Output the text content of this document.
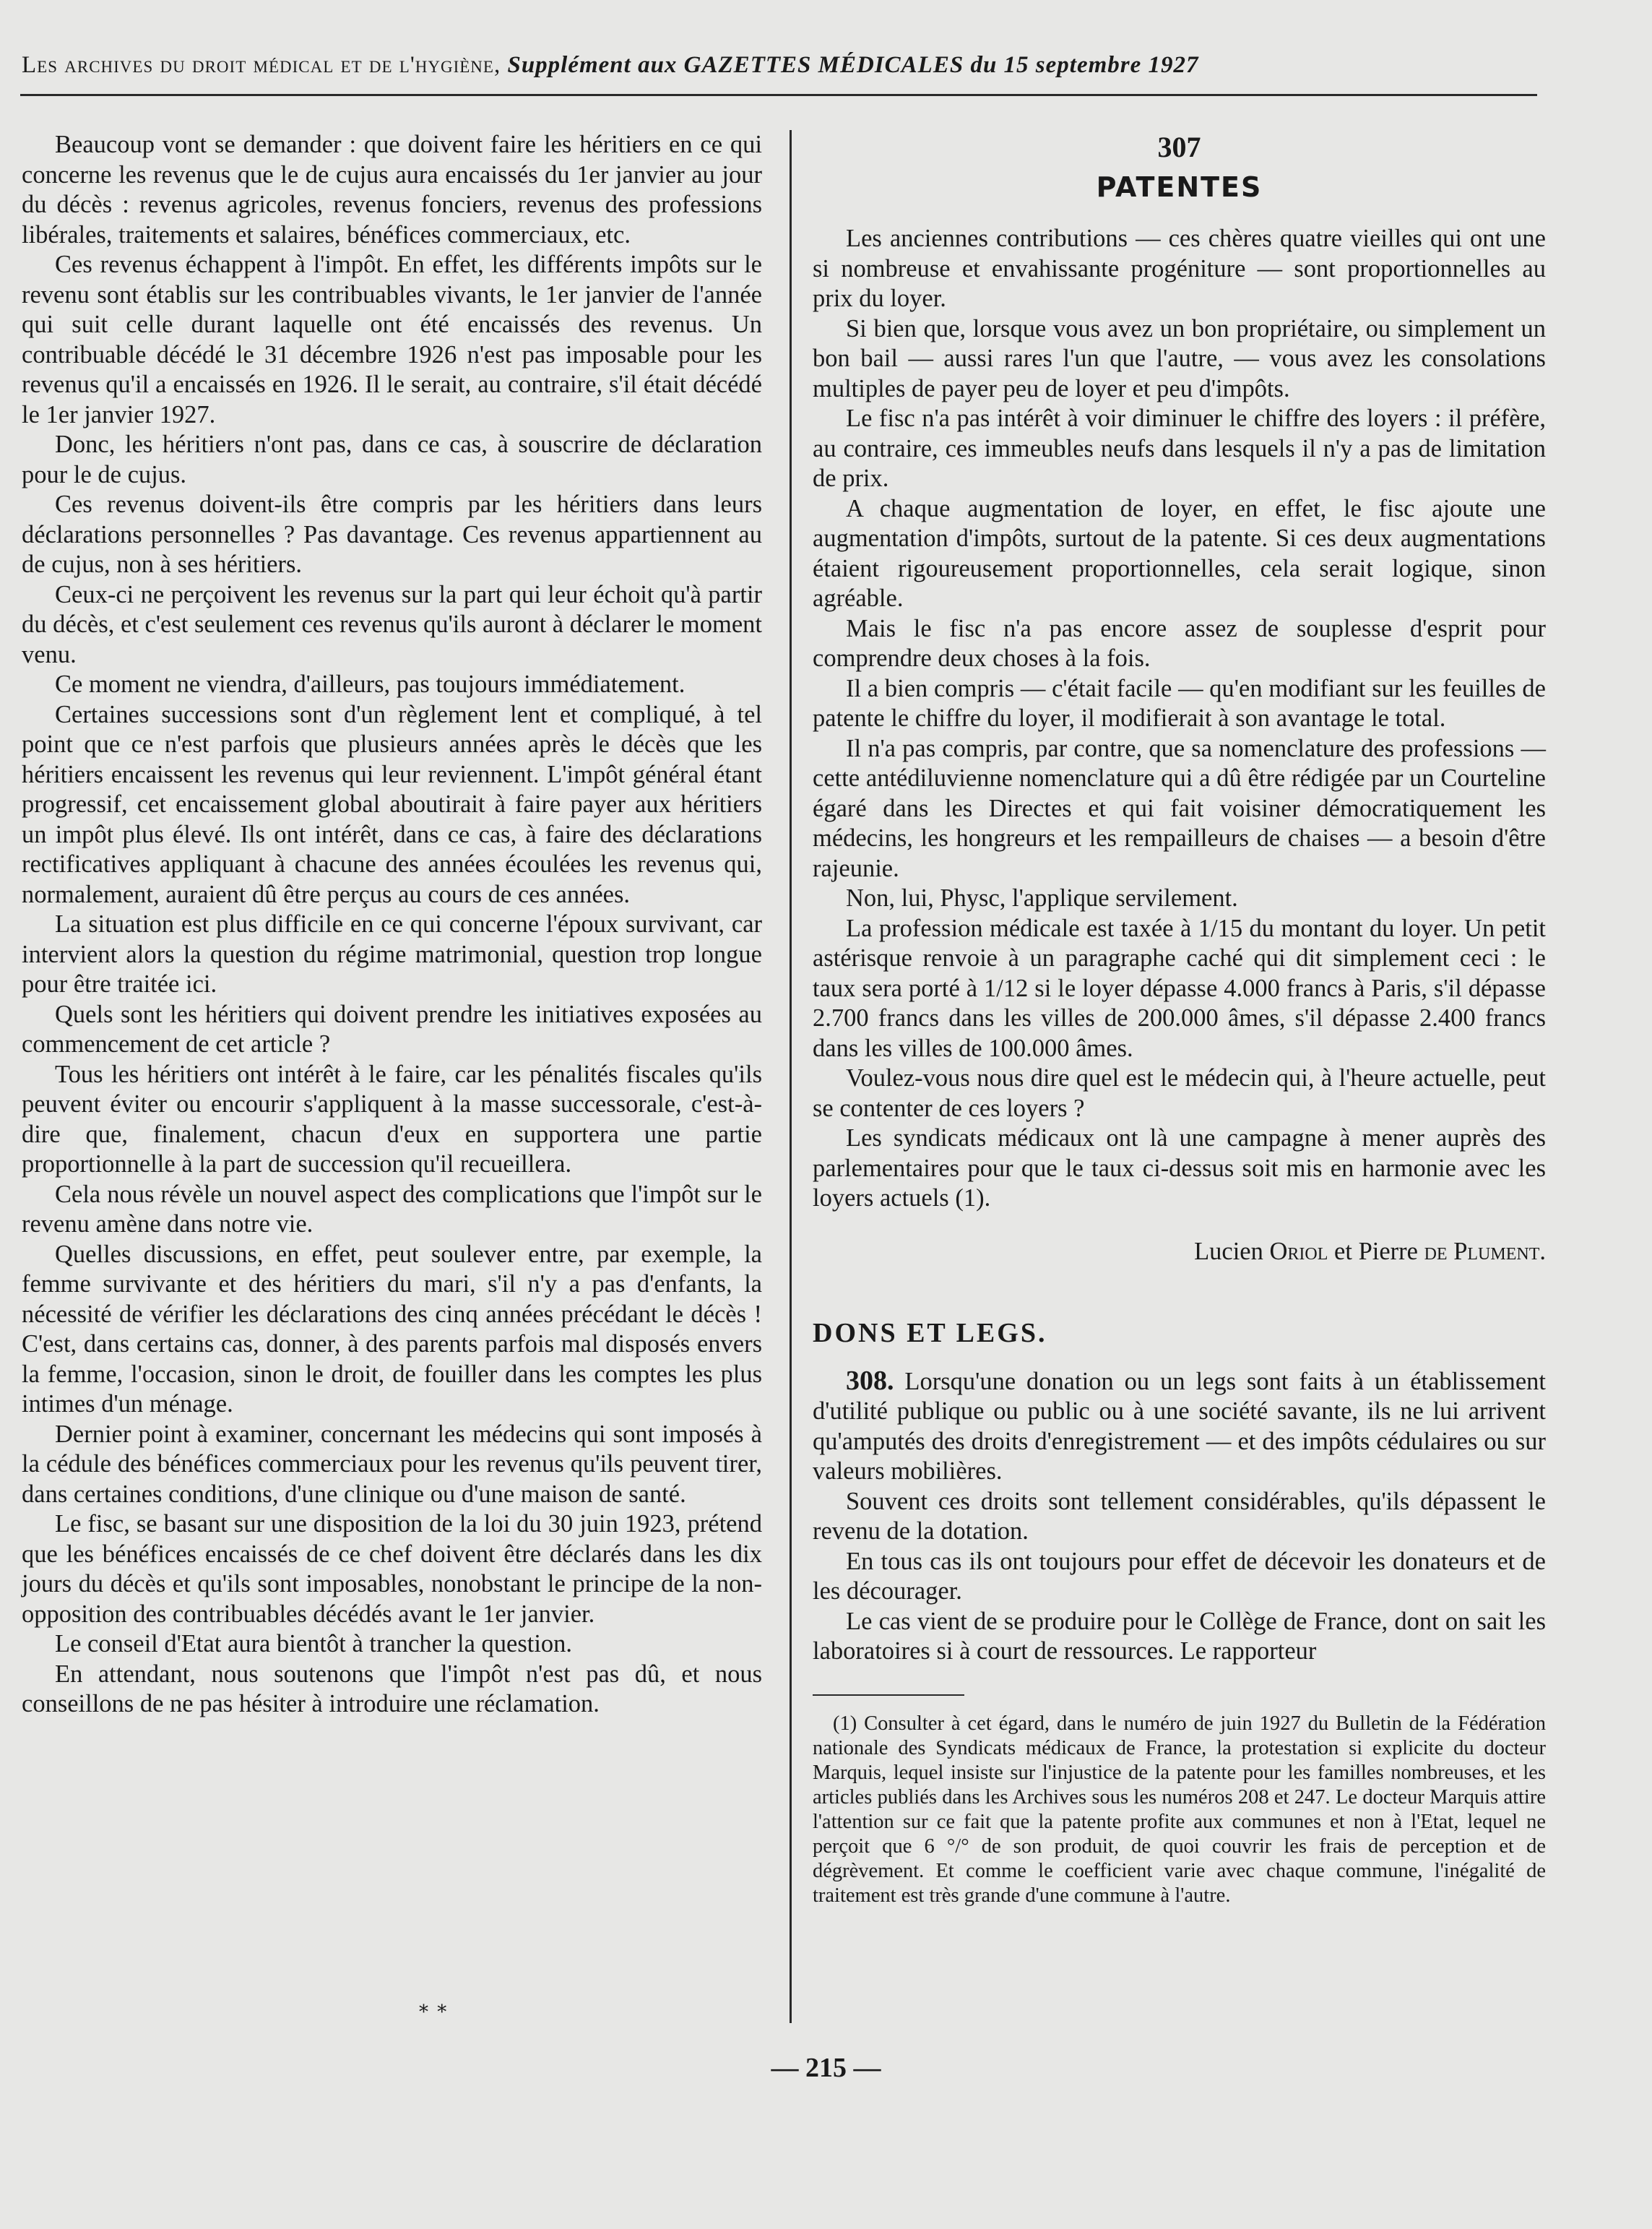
Les archives du droit médical et de l'hygiène, Supplément aux GAZETTES MÉDICALES du 15 septembre 1927

Beaucoup vont se demander : que doivent faire les héritiers en ce qui concerne les revenus que le de cujus aura encaissés du 1er janvier au jour du décès : revenus agricoles, revenus fonciers, revenus des professions libérales, traitements et salaires, bénéfices commerciaux, etc.

Ces revenus échappent à l'impôt. En effet, les différents impôts sur le revenu sont établis sur les contribuables vivants, le 1er janvier de l'année qui suit celle durant laquelle ont été encaissés des revenus. Un contribuable décédé le 31 décembre 1926 n'est pas imposable pour les revenus qu'il a encaissés en 1926. Il le serait, au contraire, s'il était décédé le 1er janvier 1927.

Donc, les héritiers n'ont pas, dans ce cas, à souscrire de déclaration pour le de cujus.

Ces revenus doivent-ils être compris par les héritiers dans leurs déclarations personnelles ? Pas davantage. Ces revenus appartiennent au de cujus, non à ses héritiers.

Ceux-ci ne perçoivent les revenus sur la part qui leur échoit qu'à partir du décès, et c'est seulement ces revenus qu'ils auront à déclarer le moment venu.

Ce moment ne viendra, d'ailleurs, pas toujours immédiatement.

Certaines successions sont d'un règlement lent et compliqué, à tel point que ce n'est parfois que plusieurs années après le décès que les héritiers encaissent les revenus qui leur reviennent. L'impôt général étant progressif, cet encaissement global aboutirait à faire payer aux héritiers un impôt plus élevé. Ils ont intérêt, dans ce cas, à faire des déclarations rectificatives appliquant à chacune des années écoulées les revenus qui, normalement, auraient dû être perçus au cours de ces années.

La situation est plus difficile en ce qui concerne l'époux survivant, car intervient alors la question du régime matrimonial, question trop longue pour être traitée ici.

Quels sont les héritiers qui doivent prendre les initiatives exposées au commencement de cet article ?

Tous les héritiers ont intérêt à le faire, car les pénalités fiscales qu'ils peuvent éviter ou encourir s'appliquent à la masse successorale, c'est-à-dire que, finalement, chacun d'eux en supportera une partie proportionnelle à la part de succession qu'il recueillera.

Cela nous révèle un nouvel aspect des complications que l'impôt sur le revenu amène dans notre vie.

Quelles discussions, en effet, peut soulever entre, par exemple, la femme survivante et des héritiers du mari, s'il n'y a pas d'enfants, la nécessité de vérifier les déclarations des cinq années précédant le décès ! C'est, dans certains cas, donner, à des parents parfois mal disposés envers la femme, l'occasion, sinon le droit, de fouiller dans les comptes les plus intimes d'un ménage.

Dernier point à examiner, concernant les médecins qui sont imposés à la cédule des bénéfices commerciaux pour les revenus qu'ils peuvent tirer, dans certaines conditions, d'une clinique ou d'une maison de santé.

Le fisc, se basant sur une disposition de la loi du 30 juin 1923, prétend que les bénéfices encaissés de ce chef doivent être déclarés dans les dix jours du décès et qu'ils sont imposables, nonobstant le principe de la non-opposition des contribuables décédés avant le 1er janvier.

Le conseil d'Etat aura bientôt à trancher la question.

En attendant, nous soutenons que l'impôt n'est pas dû, et nous conseillons de ne pas hésiter à introduire une réclamation.

* *

307

PATENTES

Les anciennes contributions — ces chères quatre vieilles qui ont une si nombreuse et envahissante progéniture — sont proportionnelles au prix du loyer.

Si bien que, lorsque vous avez un bon propriétaire, ou simplement un bon bail — aussi rares l'un que l'autre, — vous avez les consolations multiples de payer peu de loyer et peu d'impôts.

Le fisc n'a pas intérêt à voir diminuer le chiffre des loyers : il préfère, au contraire, ces immeubles neufs dans lesquels il n'y a pas de limitation de prix.

A chaque augmentation de loyer, en effet, le fisc ajoute une augmentation d'impôts, surtout de la patente. Si ces deux augmentations étaient rigoureusement proportionnelles, cela serait logique, sinon agréable.

Mais le fisc n'a pas encore assez de souplesse d'esprit pour comprendre deux choses à la fois.

Il a bien compris — c'était facile — qu'en modifiant sur les feuilles de patente le chiffre du loyer, il modifierait à son avantage le total.

Il n'a pas compris, par contre, que sa nomenclature des professions — cette antédiluvienne nomenclature qui a dû être rédigée par un Courteline égaré dans les Directes et qui fait voisiner démocratiquement les médecins, les hongreurs et les rempailleurs de chaises — a besoin d'être rajeunie.

Non, lui, Physc, l'applique servilement.

La profession médicale est taxée à 1/15 du montant du loyer. Un petit astérisque renvoie à un paragraphe caché qui dit simplement ceci : le taux sera porté à 1/12 si le loyer dépasse 4.000 francs à Paris, s'il dépasse 2.700 francs dans les villes de 200.000 âmes, s'il dépasse 2.400 francs dans les villes de 100.000 âmes.

Voulez-vous nous dire quel est le médecin qui, à l'heure actuelle, peut se contenter de ces loyers ?

Les syndicats médicaux ont là une campagne à mener auprès des parlementaires pour que le taux ci-dessus soit mis en harmonie avec les loyers actuels (1).

Lucien Oriol et Pierre de Plument.

DONS ET LEGS.

308. Lorsqu'une donation ou un legs sont faits à un établissement d'utilité publique ou public ou à une société savante, ils ne lui arrivent qu'amputés des droits d'enregistrement — et des impôts cédulaires ou sur valeurs mobilières.

Souvent ces droits sont tellement considérables, qu'ils dépassent le revenu de la dotation.

En tous cas ils ont toujours pour effet de décevoir les donateurs et de les décourager.

Le cas vient de se produire pour le Collège de France, dont on sait les laboratoires si à court de ressources. Le rapporteur

(1) Consulter à cet égard, dans le numéro de juin 1927 du Bulletin de la Fédération nationale des Syndicats médicaux de France, la protestation si explicite du docteur Marquis, lequel insiste sur l'injustice de la patente pour les familles nombreuses, et les articles publiés dans les Archives sous les numéros 208 et 247. Le docteur Marquis attire l'attention sur ce fait que la patente profite aux communes et non à l'Etat, lequel ne perçoit que 6 °/° de son produit, de quoi couvrir les frais de perception et de dégrèvement. Et comme le coefficient varie avec chaque commune, l'inégalité de traitement est très grande d'une commune à l'autre.

— 215 —
